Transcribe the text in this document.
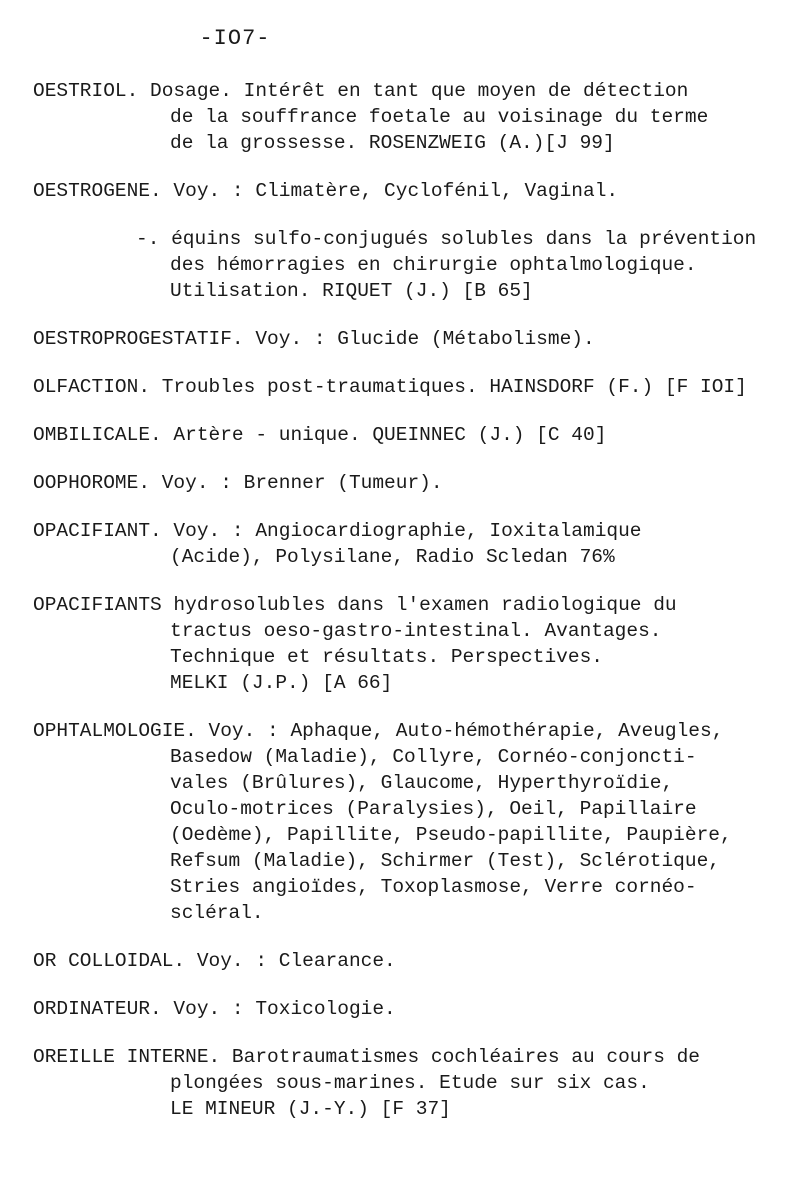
-IO7-
OESTRIOL. Dosage. Intérêt en tant que moyen de détection
de la souffrance foetale au voisinage du terme
de la grossesse. ROSENZWEIG (A.)[J 99]
OESTROGENE. Voy. : Climatère, Cyclofénil, Vaginal.
-. équins sulfo-conjugués solubles dans la prévention
des hémorragies en chirurgie ophtalmologique.
Utilisation. RIQUET (J.) [B 65]
OESTROPROGESTATIF. Voy. : Glucide (Métabolisme).
OLFACTION. Troubles post-traumatiques. HAINSDORF (F.) [F IOI]
OMBILICALE. Artère - unique. QUEINNEC (J.) [C 40]
OOPHOROME. Voy. : Brenner (Tumeur).
OPACIFIANT. Voy. : Angiocardiographie, Ioxitalamique
(Acide), Polysilane, Radio Scledan 76%
OPACIFIANTS hydrosolubles dans l'examen radiologique du
tractus oeso-gastro-intestinal. Avantages.
Technique et résultats. Perspectives.
MELKI (J.P.) [A 66]
OPHTALMOLOGIE. Voy. : Aphaque, Auto-hémothérapie, Aveugles,
Basedow (Maladie), Collyre, Cornéo-conjoncti-
vales (Brûlures), Glaucome, Hyperthyroïdie,
Oculo-motrices (Paralysies), Oeil, Papillaire
(Oedème), Papillite, Pseudo-papillite, Paupière,
Refsum (Maladie), Schirmer (Test), Sclérotique,
Stries angioïdes, Toxoplasmose, Verre cornéo-
scléral.
OR COLLOIDAL. Voy. : Clearance.
ORDINATEUR. Voy. : Toxicologie.
OREILLE INTERNE. Barotraumatismes cochléaires au cours de
plongées sous-marines. Etude sur six cas.
LE MINEUR (J.-Y.) [F 37]
